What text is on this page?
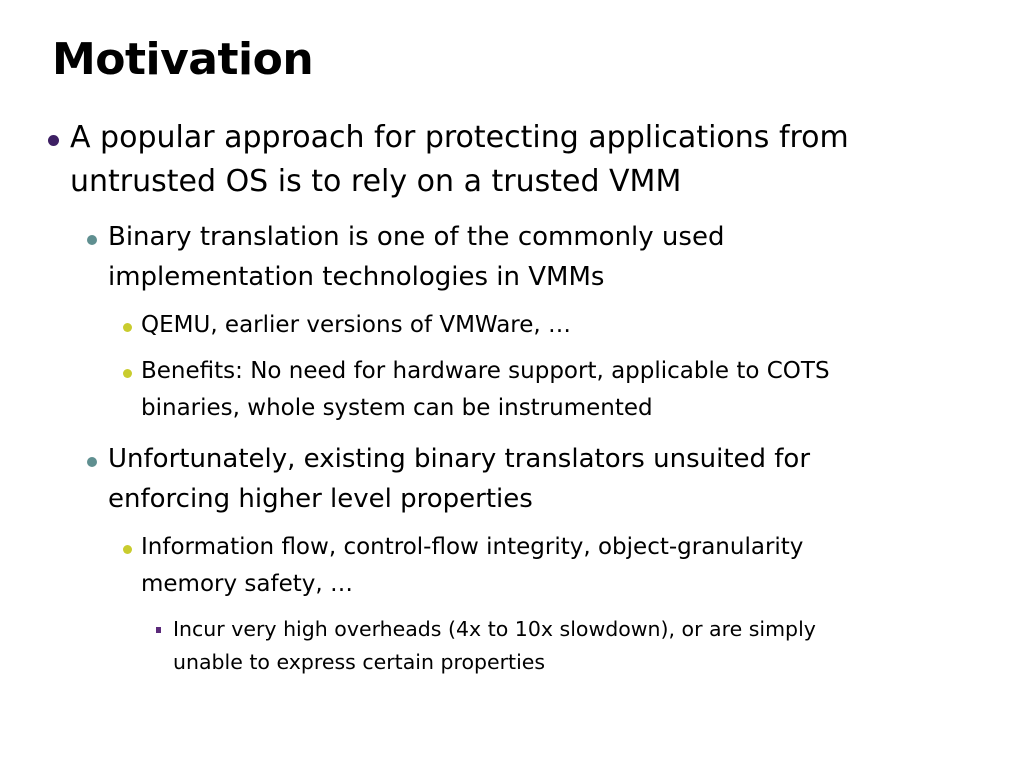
Motivation
A popular approach for protecting applications from
untrusted OS is to rely on a trusted VMM
Binary translation is one of the commonly used
implementation technologies in VMMs
QEMU, earlier versions of VMWare, …
Benefits: No need for hardware support, applicable to COTS
binaries, whole system can be instrumented
Unfortunately, existing binary translators unsuited for
enforcing higher level properties
Information flow, control-flow integrity, object-granularity
memory safety, …
Incur very high overheads (4x to 10x slowdown), or are simply
unable to express certain properties
